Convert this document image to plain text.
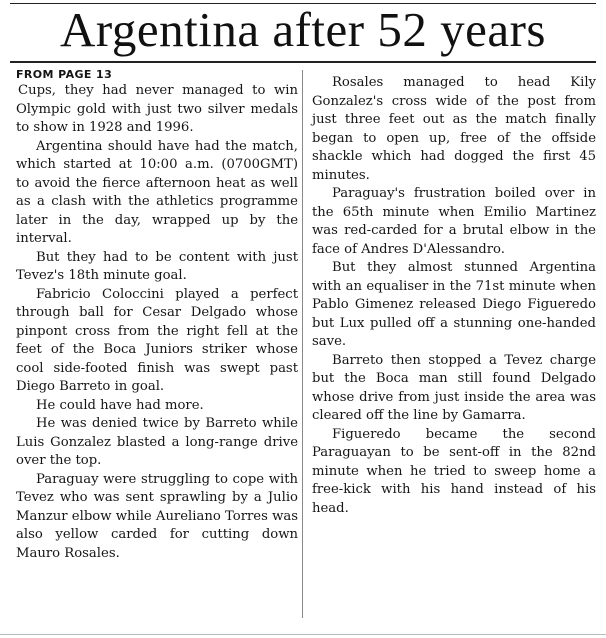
Argentina after 52 years
FROM PAGE 13

Cups, they had never managed to win Olympic gold with just two silver medals to show in 1928 and 1996.

Argentina should have had the match, which started at 10:00 a.m. (0700GMT) to avoid the fierce afternoon heat as well as a clash with the athletics programme later in the day, wrapped up by the interval.

But they had to be content with just Tevez's 18th minute goal.

Fabricio Coloccini played a perfect through ball for Cesar Delgado whose pinpont cross from the right fell at the feet of the Boca Juniors striker whose cool side-footed finish was swept past Diego Barreto in goal.

He could have had more.

He was denied twice by Barreto while Luis Gonzalez blasted a long-range drive over the top.

Paraguay were struggling to cope with Tevez who was sent sprawling by a Julio Manzur elbow while Aureliano Torres was also yellow carded for cutting down Mauro Rosales.

Rosales managed to head Kily Gonzalez's cross wide of the post from just three feet out as the match finally began to open up, free of the offside shackle which had dogged the first 45 minutes.

Paraguay's frustration boiled over in the 65th minute when Emilio Martinez was red-carded for a brutal elbow in the face of Andres D'Alessandro.

But they almost stunned Argentina with an equaliser in the 71st minute when Pablo Gimenez released Diego Figueredo but Lux pulled off a stunning one-handed save.

Barreto then stopped a Tevez charge but the Boca man still found Delgado whose drive from just inside the area was cleared off the line by Gamarra.

Figueredo became the second Paraguayan to be sent-off in the 82nd minute when he tried to sweep home a free-kick with his hand instead of his head.
